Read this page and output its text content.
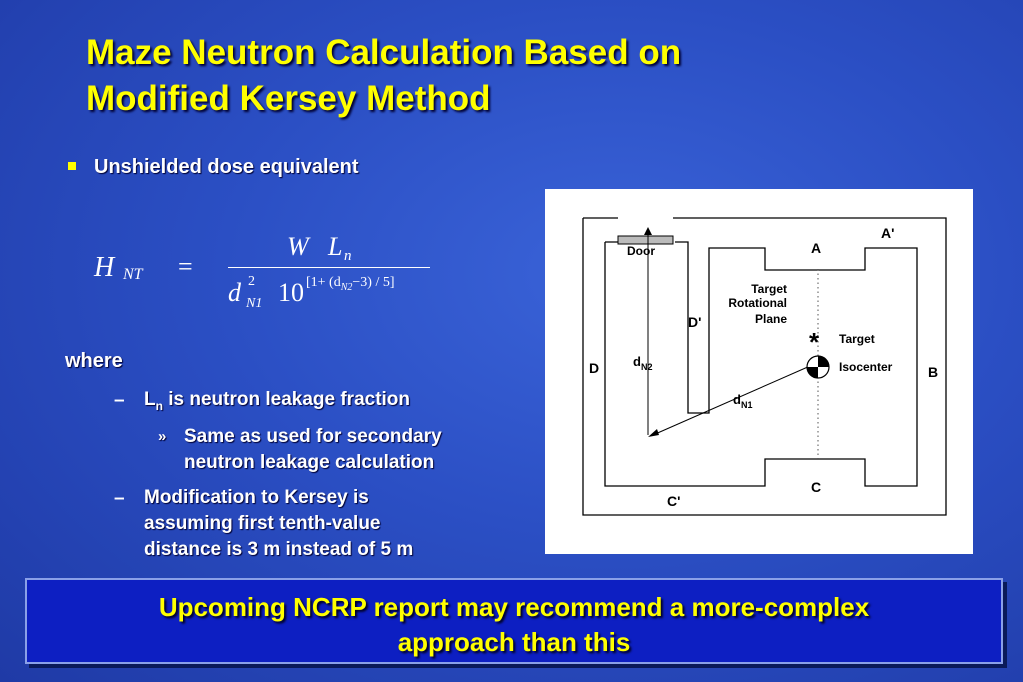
Maze Neutron Calculation Based on
Modified Kersey Method
Unshielded dose equivalent
H NT =
W L n
d 2
N1 10 $[1+ (d_{N2}-3) / 5]$
where
– $L_n$ is neutron leakage fraction
» Same as used for secondary
neutron leakage calculation
– Modification to Kersey is
assuming first tenth-value
distance is 3 m instead of 5 m
*
Door	A
A'
B
C
C'
D
D'
Target
Rotational
Plane
Target
Isocenter
$d_{N2}$
$d_{N1}$
Upcoming NCRP report may recommend a more-complex
approach than this
